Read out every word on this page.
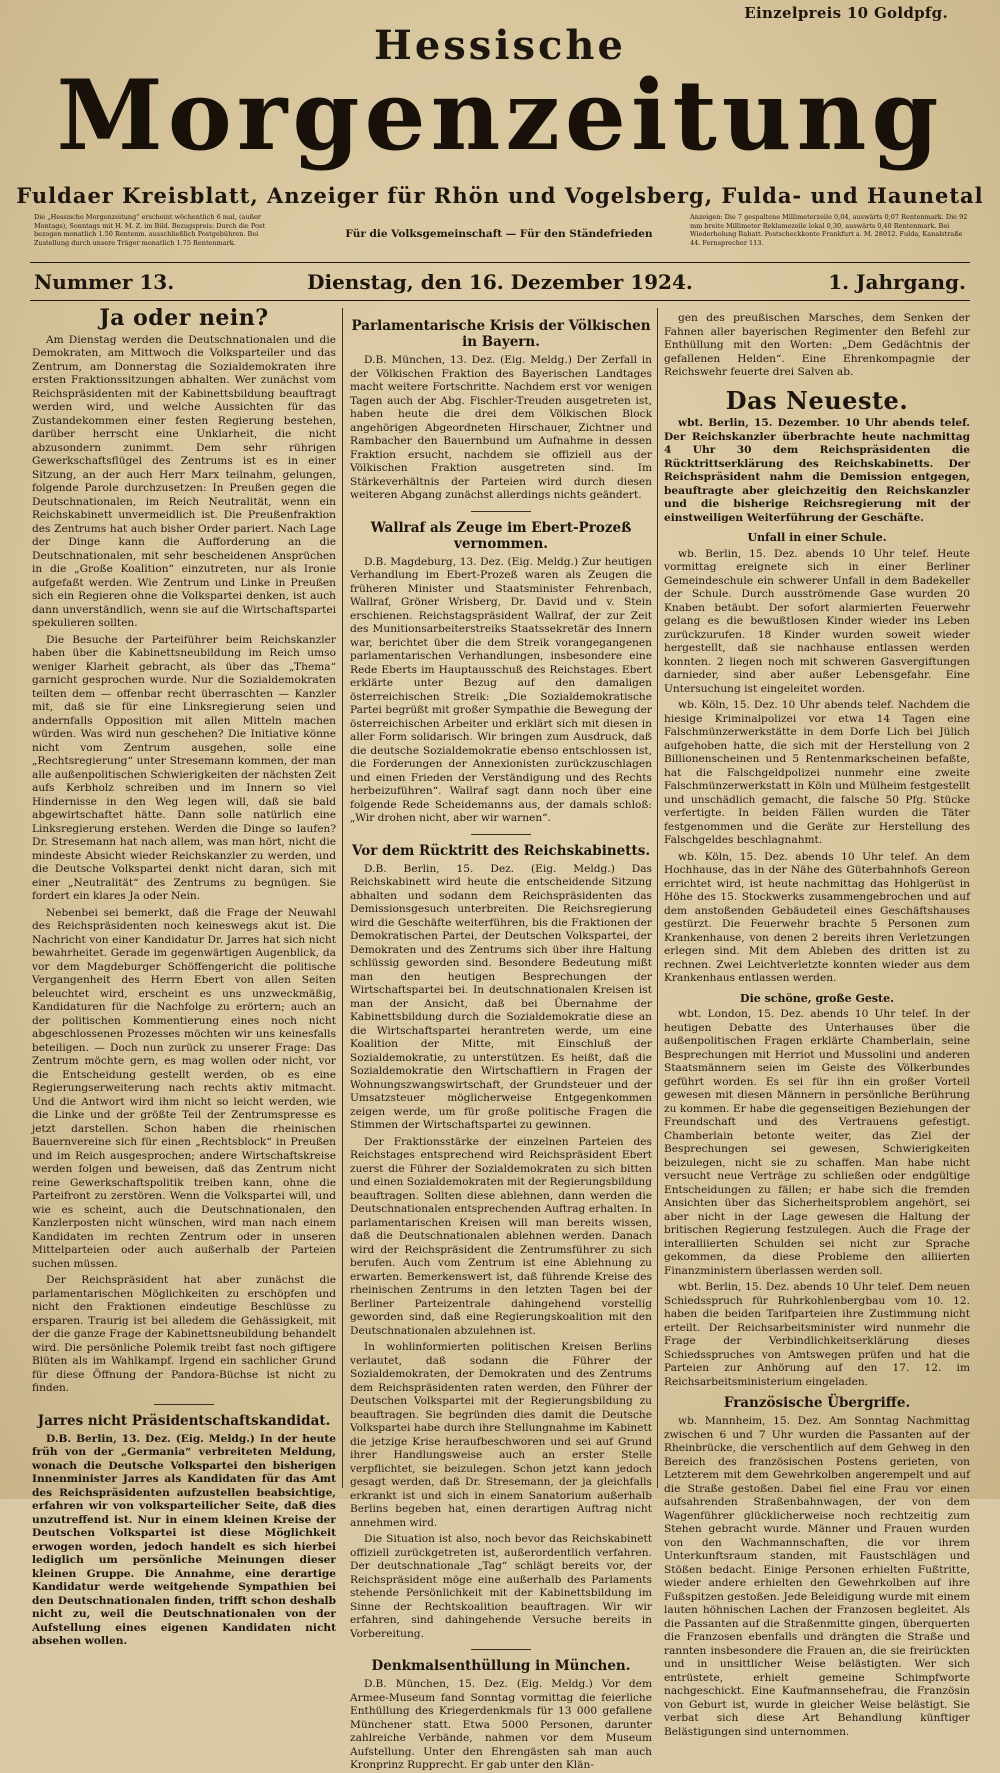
Einzelpreis 10 Goldpfg.
Hessische
Morgenzeitung
Fuldaer Kreisblatt, Anzeiger für Rhön und Vogelsberg, Fulda- und Haunetal
Die „Hessische Morgenzeitung“ erscheint wöchentlich 6 mal, (außer Montags), Sonntags mit H. M. Z. im Bild. Bezugspreis: Durch die Post bezogen monatlich 1.50 Rentenm. ausschließlich Postgebühren. Bei Zustellung durch unsere Träger monatlich 1.75 Rentenmark.
Für die Volksgemeinschaft — Für den Ständefrieden
Anzeigen: Die 7 gespaltene Millimeterzeile 0,04, auswärts 0,07 Rentenmark. Die 92 mm breite Millimeter Reklamezeile lokal 0,30, auswärts 0,40 Rentenmark. Bei Wiederholung Rabatt. Postscheckkonto Frankfurt a. M. 28012. Fulda, Kanalstraße 44. Fernsprecher 113.
Nummer 13.	Dienstag, den 16. Dezember 1924.	1. Jahrgang.
Ja oder nein?

Am Dienstag werden die Deutschnationalen und die Demokraten, am Mittwoch die Volksparteiler und das Zentrum, am Donnerstag die Sozialdemokraten ihre ersten Fraktionssitzungen abhalten. Wer zunächst vom Reichspräsidenten mit der Kabinettsbildung beauftragt werden wird, und welche Aussichten für das Zustandekommen einer festen Regierung bestehen, darüber herrscht eine Unklarheit, die nicht abzusondern zunimmt. Dem sehr rührigen Gewerkschaftsflügel des Zentrums ist es in einer Sitzung, an der auch Herr Marx teilnahm, gelungen, folgende Parole durchzusetzen: In Preußen gegen die Deutschnationalen, im Reich Neutralität, wenn ein Reichskabinett unvermeidlich ist. Die Preußenfraktion des Zentrums hat auch bisher Order pariert. Nach Lage der Dinge kann die Aufforderung an die Deutschnationalen, mit sehr bescheidenen Ansprüchen in die „Große Koalition“ einzutreten, nur als Ironie aufgefaßt werden. Wie Zentrum und Linke in Preußen sich ein Regieren ohne die Volkspartei denken, ist auch dann unverständlich, wenn sie auf die Wirtschaftspartei spekulieren sollten.

Die Besuche der Parteiführer beim Reichskanzler haben über die Kabinettsneubildung im Reich umso weniger Klarheit gebracht, als über das „Thema“ garnicht gesprochen wurde. Nur die Sozialdemokraten teilten dem — offenbar recht überraschten — Kanzler mit, daß sie für eine Linksregierung seien und andernfalls Opposition mit allen Mitteln machen würden. Was wird nun geschehen? Die Initiative könne nicht vom Zentrum ausgehen, solle eine „Rechtsregierung“ unter Stresemann kommen, der man alle außenpolitischen Schwierigkeiten der nächsten Zeit aufs Kerbholz schreiben und im Innern so viel Hindernisse in den Weg legen will, daß sie bald abgewirtschaftet hätte. Dann solle natürlich eine Linksregierung erstehen. Werden die Dinge so laufen? Dr. Stresemann hat nach allem, was man hört, nicht die mindeste Absicht wieder Reichskanzler zu werden, und die Deutsche Volkspartei denkt nicht daran, sich mit einer „Neutralität“ des Zentrums zu begnügen. Sie fordert ein klares Ja oder Nein.

Nebenbei sei bemerkt, daß die Frage der Neuwahl des Reichspräsidenten noch keineswegs akut ist. Die Nachricht von einer Kandidatur Dr. Jarres hat sich nicht bewahrheitet. Gerade im gegenwärtigen Augenblick, da vor dem Magdeburger Schöffengericht die politische Vergangenheit des Herrn Ebert von allen Seiten beleuchtet wird, erscheint es uns unzweckmäßig, Kandidaturen für die Nachfolge zu erörtern; auch an der politischen Kommentierung eines noch nicht abgeschlossenen Prozesses möchten wir uns keinesfalls beteiligen. — Doch nun zurück zu unserer Frage: Das Zentrum möchte gern, es mag wollen oder nicht, vor die Entscheidung gestellt werden, ob es eine Regierungserweiterung nach rechts aktiv mitmacht. Und die Antwort wird ihm nicht so leicht werden, wie die Linke und der größte Teil der Zentrumspresse es jetzt darstellen. Schon haben die rheinischen Bauernvereine sich für einen „Rechtsblock“ in Preußen und im Reich ausgesprochen; andere Wirtschaftskreise werden folgen und beweisen, daß das Zentrum nicht reine Gewerkschaftspolitik treiben kann, ohne die Parteifront zu zerstören. Wenn die Volkspartei will, und wie es scheint, auch die Deutschnationalen, den Kanzlerposten nicht wünschen, wird man nach einem Kandidaten im rechten Zentrum oder in unseren Mittelparteien oder auch außerhalb der Parteien suchen müssen.

Der Reichspräsident hat aber zunächst die parlamentarischen Möglichkeiten zu erschöpfen und nicht den Fraktionen eindeutige Beschlüsse zu ersparen. Traurig ist bei alledem die Gehässigkeit, mit der die ganze Frage der Kabinettsneubildung behandelt wird. Die persönliche Polemik treibt fast noch giftigere Blüten als im Wahlkampf. Irgend ein sachlicher Grund für diese Öffnung der Pandora-Büchse ist nicht zu finden.

Jarres nicht Präsidentschaftskandidat.

D.B. Berlin, 13. Dez. (Eig. Meldg.) In der heute früh von der „Germania“ verbreiteten Meldung, wonach die Deutsche Volkspartei den bisherigen Innenminister Jarres als Kandidaten für das Amt des Reichspräsidenten aufzustellen beabsichtige, erfahren wir von volksparteilicher Seite, daß dies unzutreffend ist. Nur in einem kleinen Kreise der Deutschen Volkspartei ist diese Möglichkeit erwogen worden, jedoch handelt es sich hierbei lediglich um persönliche Meinungen dieser kleinen Gruppe. Die Annahme, eine derartige Kandidatur werde weitgehende Sympathien bei den Deutschnationalen finden, trifft schon deshalb nicht zu, weil die Deutschnationalen von der Aufstellung eines eigenen Kandidaten nicht absehen wollen.

Parlamentarische Krisis der Völkischen in Bayern.

D.B. München, 13. Dez. (Eig. Meldg.) Der Zerfall in der Völkischen Fraktion des Bayerischen Landtages macht weitere Fortschritte. Nachdem erst vor wenigen Tagen auch der Abg. Fischler-Treuden ausgetreten ist, haben heute die drei dem Völkischen Block angehörigen Abgeordneten Hirschauer, Zichtner und Rambacher den Bauernbund um Aufnahme in dessen Fraktion ersucht, nachdem sie offiziell aus der Völkischen Fraktion ausgetreten sind. Im Stärkeverhältnis der Parteien wird durch diesen weiteren Abgang zunächst allerdings nichts geändert.

Wallraf als Zeuge im Ebert-Prozeß vernommen.

D.B. Magdeburg, 13. Dez. (Eig. Meldg.) Zur heutigen Verhandlung im Ebert-Prozeß waren als Zeugen die früheren Minister und Staatsminister Fehrenbach, Wallraf, Gröner Wrisberg, Dr. David und v. Stein erschienen. Reichstagspräsident Wallraf, der zur Zeit des Munitionsarbeiterstreiks Staatssekretär des Innern war, berichtet über die dem Streik vorangegangenen parlamentarischen Verhandlungen, insbesondere eine Rede Eberts im Hauptausschuß des Reichstages. Ebert erklärte unter Bezug auf den damaligen österreichischen Streik: „Die Sozialdemokratische Partei begrüßt mit großer Sympathie die Bewegung der österreichischen Arbeiter und erklärt sich mit diesen in aller Form solidarisch. Wir bringen zum Ausdruck, daß die deutsche Sozialdemokratie ebenso entschlossen ist, die Forderungen der Annexionisten zurückzuschlagen und einen Frieden der Verständigung und des Rechts herbeizuführen“. Wallraf sagt dann noch über eine folgende Rede Scheidemanns aus, der damals schloß: „Wir drohen nicht, aber wir warnen“.

Vor dem Rücktritt des Reichskabinetts.

D.B. Berlin, 15. Dez. (Eig. Meldg.) Das Reichskabinett wird heute die entscheidende Sitzung abhalten und sodann dem Reichspräsidenten das Demissionsgesuch unterbreiten. Die Reichsregierung wird die Geschäfte weiterführen, bis die Fraktionen der Demokratischen Partei, der Deutschen Volkspartei, der Demokraten und des Zentrums sich über ihre Haltung schlüssig geworden sind. Besondere Bedeutung mißt man den heutigen Besprechungen der Wirtschaftspartei bei. In deutschnationalen Kreisen ist man der Ansicht, daß bei Übernahme der Kabinettsbildung durch die Sozialdemokratie diese an die Wirtschaftspartei herantreten werde, um eine Koalition der Mitte, mit Einschluß der Sozialdemokratie, zu unterstützen. Es heißt, daß die Sozialdemokratie den Wirtschaftlern in Fragen der Wohnungszwangswirtschaft, der Grundsteuer und der Umsatzsteuer möglicherweise Entgegenkommen zeigen werde, um für große politische Fragen die Stimmen der Wirtschaftspartei zu gewinnen.

Der Fraktionsstärke der einzelnen Parteien des Reichstages entsprechend wird Reichspräsident Ebert zuerst die Führer der Sozialdemokraten zu sich bitten und einen Sozialdemokraten mit der Regierungsbildung beauftragen. Sollten diese ablehnen, dann werden die Deutschnationalen entsprechenden Auftrag erhalten. In parlamentarischen Kreisen will man bereits wissen, daß die Deutschnationalen ablehnen werden. Danach wird der Reichspräsident die Zentrumsführer zu sich berufen. Auch vom Zentrum ist eine Ablehnung zu erwarten. Bemerkenswert ist, daß führende Kreise des rheinischen Zentrums in den letzten Tagen bei der Berliner Parteizentrale dahingehend vorstellig geworden sind, daß eine Regierungskoalition mit den Deutschnationalen abzulehnen ist.

In wohlinformierten politischen Kreisen Berlins verlautet, daß sodann die Führer der Sozialdemokraten, der Demokraten und des Zentrums dem Reichspräsidenten raten werden, den Führer der Deutschen Volkspartei mit der Regierungsbildung zu beauftragen. Sie begründen dies damit die Deutsche Volkspartei habe durch ihre Stellungnahme im Kabinett die jetzige Krise heraufbeschworen und sei auf Grund ihrer Handlungsweise auch an erster Stelle verpflichtet, sie beizulegen. Schon jetzt kann jedoch gesagt werden, daß Dr. Stresemann, der ja gleichfalls erkrankt ist und sich in einem Sanatorium außerhalb Berlins begeben hat, einen derartigen Auftrag nicht annehmen wird.

Die Situation ist also, noch bevor das Reichskabinett offiziell zurückgetreten ist, außerordentlich verfahren. Der deutschnationale „Tag“ schlägt bereits vor, der Reichspräsident möge eine außerhalb des Parlaments stehende Persönlichkeit mit der Kabinettsbildung im Sinne der Rechtskoalition beauftragen. Wir wir erfahren, sind dahingehende Versuche bereits in Vorbereitung.

Denkmalsenthüllung in München.

D.B. München, 15. Dez. (Eig. Meldg.) Vor dem Armee-Museum fand Sonntag vormittag die feierliche Enthüllung des Kriegerdenkmals für 13 000 gefallene Münchener statt. Etwa 5000 Personen, darunter zahlreiche Verbände, nahmen vor dem Museum Aufstellung. Unter den Ehrengästen sah man auch Kronprinz Rupprecht. Er gab unter den Klän-

gen des preußischen Marsches, dem Senken der Fahnen aller bayerischen Regimenter den Befehl zur Enthüllung mit den Worten: „Dem Gedächtnis der gefallenen Helden“. Eine Ehrenkompagnie der Reichswehr feuerte drei Salven ab.

Das Neueste.

wbt. Berlin, 15. Dezember. 10 Uhr abends telef. Der Reichskanzler überbrachte heute nachmittag 4 Uhr 30 dem Reichspräsidenten die Rücktrittserklärung des Reichskabinetts. Der Reichspräsident nahm die Demission entgegen, beauftragte aber gleichzeitig den Reichskanzler und die bisherige Reichsregierung mit der einstweiligen Weiterführung der Geschäfte.

Unfall in einer Schule.

wb. Berlin, 15. Dez. abends 10 Uhr telef. Heute vormittag ereignete sich in einer Berliner Gemeindeschule ein schwerer Unfall in dem Badekeller der Schule. Durch ausströmende Gase wurden 20 Knaben betäubt. Der sofort alarmierten Feuerwehr gelang es die bewußtlosen Kinder wieder ins Leben zurückzurufen. 18 Kinder wurden soweit wieder hergestellt, daß sie nachhause entlassen werden konnten. 2 liegen noch mit schweren Gasvergiftungen darnieder, sind aber außer Lebensgefahr. Eine Untersuchung ist eingeleitet worden.

wb. Köln, 15. Dez. 10 Uhr abends telef. Nachdem die hiesige Kriminalpolizei vor etwa 14 Tagen eine Falschmünzerwerkstätte in dem Dorfe Lich bei Jülich aufgehoben hatte, die sich mit der Herstellung von 2 Billionenscheinen und 5 Rentenmarkscheinen befaßte, hat die Falschgeldpolizei nunmehr eine zweite Falschmünzerwerkstatt in Köln und Mülheim festgestellt und unschädlich gemacht, die falsche 50 Pfg. Stücke verfertigte. In beiden Fällen wurden die Täter festgenommen und die Geräte zur Herstellung des Falschgeldes beschlagnahmt.

wb. Köln, 15. Dez. abends 10 Uhr telef. An dem Hochhause, das in der Nähe des Güterbahnhofs Gereon errichtet wird, ist heute nachmittag das Hohlgerüst in Höhe des 15. Stockwerks zusammengebrochen und auf dem anstoßenden Gebäudeteil eines Geschäftshauses gestürzt. Die Feuerwehr brachte 5 Personen zum Krankenhause, von denen 2 bereits ihren Verletzungen erlegen sind. Mit dem Ableben des dritten ist zu rechnen. Zwei Leichtverletzte konnten wieder aus dem Krankenhaus entlassen werden.

Die schöne, große Geste.

wbt. London, 15. Dez. abends 10 Uhr telef. In der heutigen Debatte des Unterhauses über die außenpolitischen Fragen erklärte Chamberlain, seine Besprechungen mit Herriot und Mussolini und anderen Staatsmännern seien im Geiste des Völkerbundes geführt worden. Es sei für ihn ein großer Vorteil gewesen mit diesen Männern in persönliche Berührung zu kommen. Er habe die gegenseitigen Beziehungen der Freundschaft und des Vertrauens gefestigt. Chamberlain betonte weiter, das Ziel der Besprechungen sei gewesen, Schwierigkeiten beizulegen, nicht sie zu schaffen. Man habe nicht versucht neue Verträge zu schließen oder endgültige Entscheidungen zu fällen; er habe sich die fremden Ansichten über das Sicherheitsproblem angehört, sei aber nicht in der Lage gewesen die Haltung der britischen Regierung festzulegen. Auch die Frage der interalliierten Schulden sei nicht zur Sprache gekommen, da diese Probleme den alliierten Finanzministern überlassen werden soll.

wbt. Berlin, 15. Dez. abends 10 Uhr telef. Dem neuen Schiedsspruch für Ruhrkohlenbergbau vom 10. 12. haben die beiden Tarifparteien ihre Zustimmung nicht erteilt. Der Reichsarbeitsminister wird nunmehr die Frage der Verbindlichkeitserklärung dieses Schiedsspruches von Amtswegen prüfen und hat die Parteien zur Anhörung auf den 17. 12. im Reichsarbeitsministerium eingeladen.

Französische Übergriffe.

wb. Mannheim, 15. Dez. Am Sonntag Nachmittag zwischen 6 und 7 Uhr wurden die Passanten auf der Rheinbrücke, die verschentlich auf dem Gehweg in den Bereich des französischen Postens gerieten, von Letzterem mit dem Gewehrkolben angerempelt und auf die Straße gestoßen. Dabei fiel eine Frau vor einen aufsahrenden Straßenbahnwagen, der von dem Wagenführer glücklicherweise noch rechtzeitig zum Stehen gebracht wurde. Männer und Frauen wurden von den Wachmannschaften, die vor ihrem Unterkunftsraum standen, mit Faustschlägen und Stößen bedacht. Einige Personen erhielten Fußtritte, wieder andere erhielten den Gewehrkolben auf ihre Fußspitzen gestoßen. Jede Beleidigung wurde mit einem lauten höhnischen Lachen der Franzosen begleitet. Als die Passanten auf die Straßenmitte gingen, überquerten die Franzosen ebenfalls und drängten die Straße und rannten insbesondere die Frauen an, die sie freirückten und in unsittlicher Weise belästigten. Wer sich entrüstete, erhielt gemeine Schimpfworte nachgeschickt. Eine Kaufmannsehefrau, die Französin von Geburt ist, wurde in gleicher Weise belästigt. Sie verbat sich diese Art Behandlung künftiger Belästigungen sind unternommen.
